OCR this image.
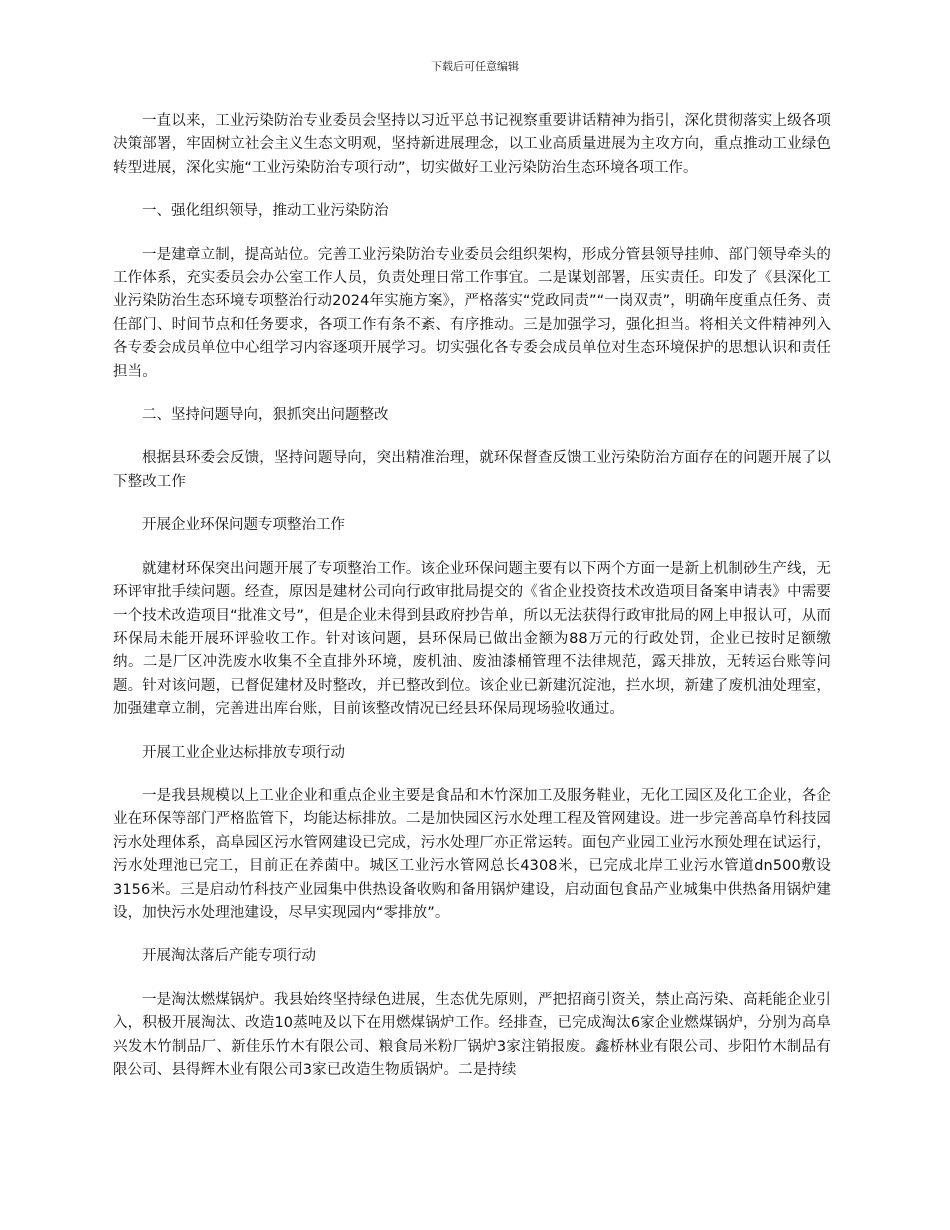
下载后可任意编辑

一直以来，工业污染防治专业委员会坚持以习近平总书记视察重要讲话精神为指引，深化贯彻落实上级各项决策部署，牢固树立社会主义生态文明观，坚持新进展理念，以工业高质量进展为主攻方向，重点推动工业绿色转型进展，深化实施“工业污染防治专项行动”，切实做好工业污染防治生态环境各项工作。

一、强化组织领导，推动工业污染防治

一是建章立制，提高站位。完善工业污染防治专业委员会组织架构，形成分管县领导挂帅、部门领导牵头的工作体系，充实委员会办公室工作人员，负责处理日常工作事宜。二是谋划部署，压实责任。印发了《县深化工业污染防治生态环境专项整治行动2024年实施方案》，严格落实“党政同责”“一岗双责”，明确年度重点任务、责任部门、时间节点和任务要求，各项工作有条不紊、有序推动。三是加强学习，强化担当。将相关文件精神列入各专委会成员单位中心组学习内容逐项开展学习。切实强化各专委会成员单位对生态环境保护的思想认识和责任担当。

二、坚持问题导向，狠抓突出问题整改

根据县环委会反馈，坚持问题导向，突出精准治理，就环保督查反馈工业污染防治方面存在的问题开展了以下整改工作

开展企业环保问题专项整治工作

就建材环保突出问题开展了专项整治工作。该企业环保问题主要有以下两个方面一是新上机制砂生产线，无环评审批手续问题。经查，原因是建材公司向行政审批局提交的《省企业投资技术改造项目备案申请表》中需要一个技术改造项目“批准文号”，但是企业未得到县政府抄告单，所以无法获得行政审批局的网上申报认可，从而环保局未能开展环评验收工作。针对该问题，县环保局已做出金额为88万元的行政处罚，企业已按时足额缴纳。二是厂区冲洗废水收集不全直排外环境，废机油、废油漆桶管理不法律规范，露天排放，无转运台账等问题。针对该问题，已督促建材及时整改，并已整改到位。该企业已新建沉淀池，拦水坝，新建了废机油处理室，加强建章立制，完善进出库台账，目前该整改情况已经县环保局现场验收通过。

开展工业企业达标排放专项行动

一是我县规模以上工业企业和重点企业主要是食品和木竹深加工及服务鞋业，无化工园区及化工企业，各企业在环保等部门严格监管下，均能达标排放。二是加快园区污水处理工程及管网建设。进一步完善高阜竹科技园污水处理体系，高阜园区污水管网建设已完成，污水处理厂亦正常运转。面包产业园工业污水预处理在试运行，污水处理池已完工，目前正在养菌中。城区工业污水管网总长4308米，已完成北岸工业污水管道dn500敷设3156米。三是启动竹科技产业园集中供热设备收购和备用锅炉建设，启动面包食品产业城集中供热备用锅炉建设，加快污水处理池建设，尽早实现园内“零排放”。

开展淘汰落后产能专项行动

一是淘汰燃煤锅炉。我县始终坚持绿色进展，生态优先原则，严把招商引资关，禁止高污染、高耗能企业引入，积极开展淘汰、改造10蒸吨及以下在用燃煤锅炉工作。经排查，已完成淘汰6家企业燃煤锅炉，分别为高阜兴发木竹制品厂、新佳乐竹木有限公司、粮食局米粉厂锅炉3家注销报废。鑫桥林业有限公司、步阳竹木制品有限公司、县得辉木业有限公司3家已改造生物质锅炉。二是持续
